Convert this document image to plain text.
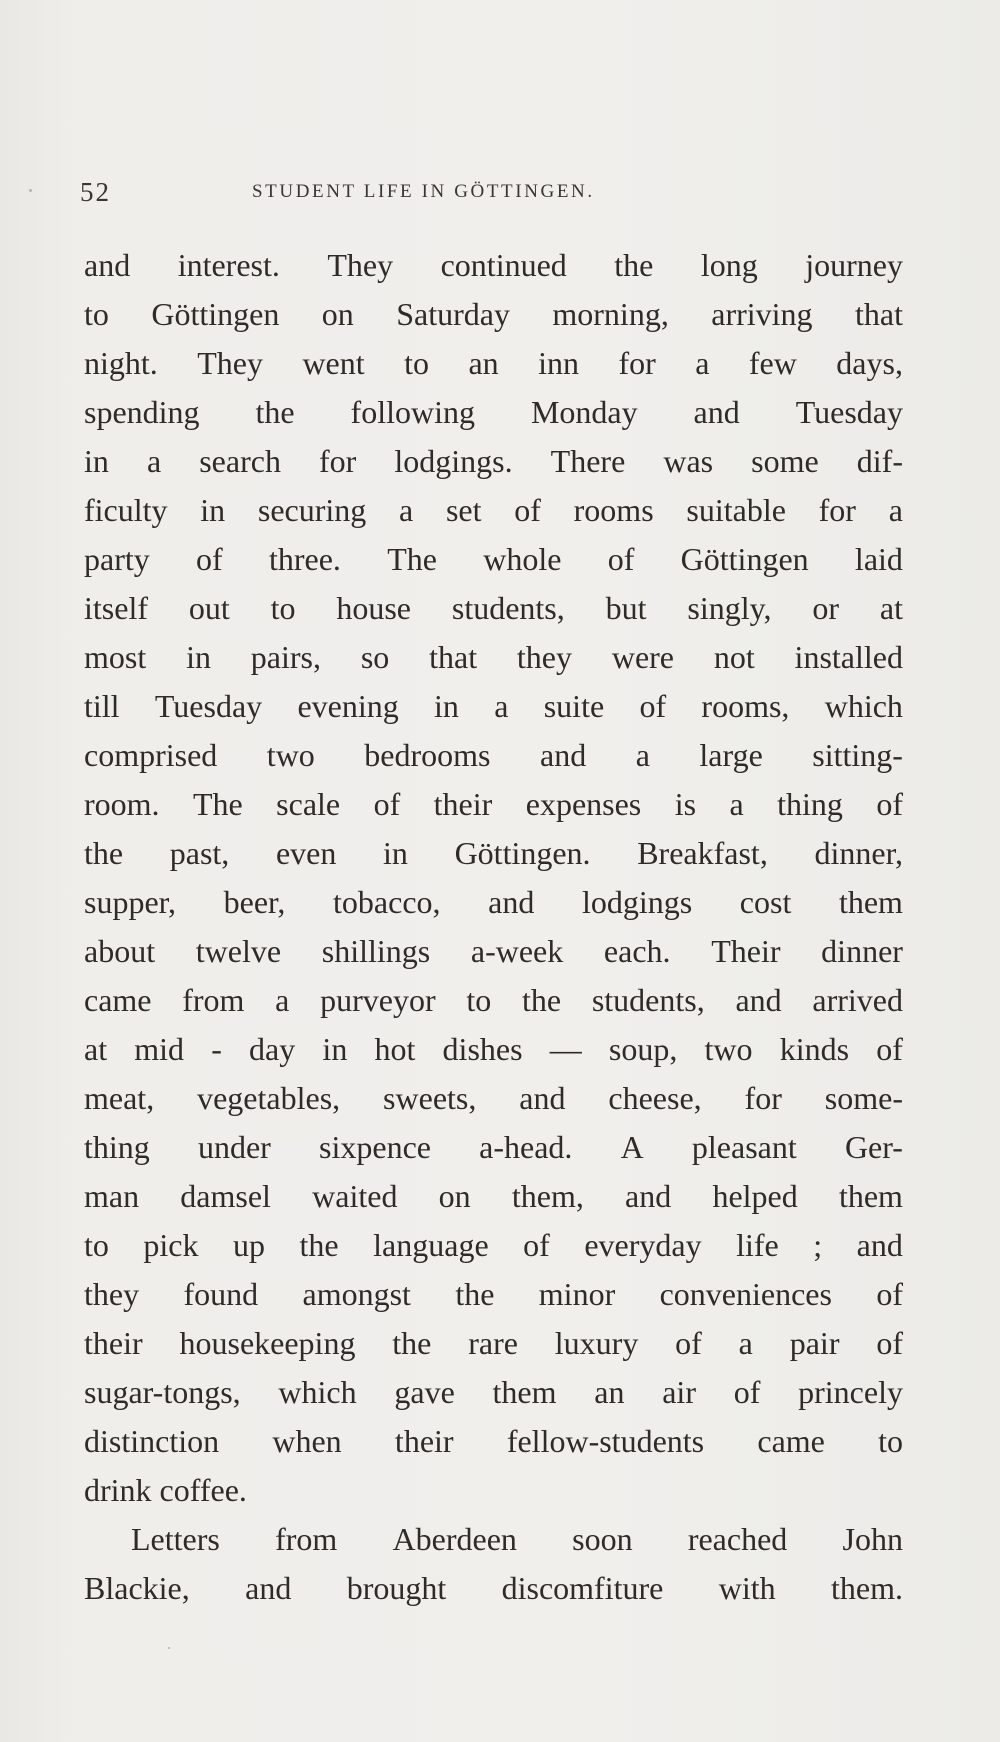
52	STUDENT LIFE IN GÖTTINGEN.
and interest. They continued the long journey
to Göttingen on Saturday morning, arriving that
night. They went to an inn for a few days,
spending the following Monday and Tuesday
in a search for lodgings. There was some dif-
ficulty in securing a set of rooms suitable for a
party of three. The whole of Göttingen laid
itself out to house students, but singly, or at
most in pairs, so that they were not installed
till Tuesday evening in a suite of rooms, which
comprised two bedrooms and a large sitting-
room. The scale of their expenses is a thing of
the past, even in Göttingen. Breakfast, dinner,
supper, beer, tobacco, and lodgings cost them
about twelve shillings a-week each. Their dinner
came from a purveyor to the students, and arrived
at mid - day in hot dishes — soup, two kinds of
meat, vegetables, sweets, and cheese, for some-
thing under sixpence a-head. A pleasant Ger-
man damsel waited on them, and helped them
to pick up the language of everyday life ; and
they found amongst the minor conveniences of
their housekeeping the rare luxury of a pair of
sugar-tongs, which gave them an air of princely
distinction when their fellow-students came to
drink coffee.
Letters from Aberdeen soon reached John
Blackie, and brought discomfiture with them.
